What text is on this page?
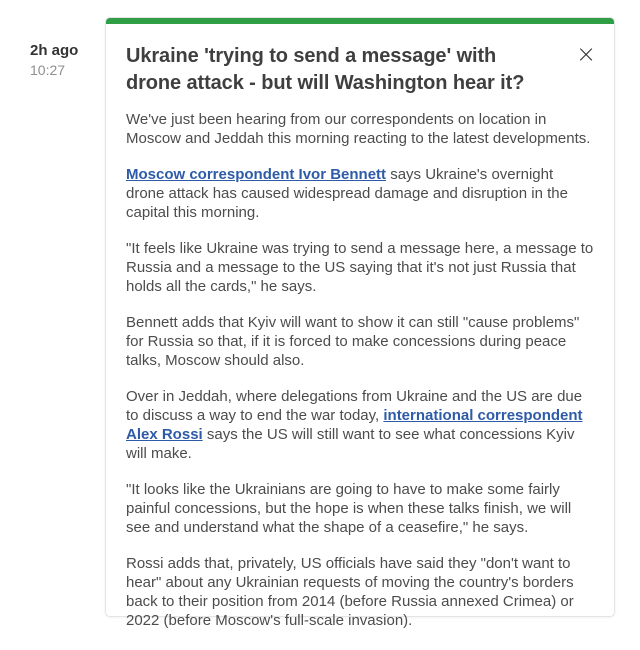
2h ago
10:27
×
Ukraine 'trying to send a message' with drone attack - but will Washington hear it?

We've just been hearing from our correspondents on location in Moscow and Jeddah this morning reacting to the latest developments.

Moscow correspondent Ivor Bennett says Ukraine's overnight drone attack has caused widespread damage and disruption in the capital this morning.

"It feels like Ukraine was trying to send a message here, a message to Russia and a message to the US saying that it's not just Russia that holds all the cards," he says.

Bennett adds that Kyiv will want to show it can still "cause problems" for Russia so that, if it is forced to make concessions during peace talks, Moscow should also.

Over in Jeddah, where delegations from Ukraine and the US are due to discuss a way to end the war today, international correspondent Alex Rossi says the US will still want to see what concessions Kyiv will make.

"It looks like the Ukrainians are going to have to make some fairly painful concessions, but the hope is when these talks finish, we will see and understand what the shape of a ceasefire," he says.

Rossi adds that, privately, US officials have said they "don't want to hear" about any Ukrainian requests of moving the country's borders back to their position from 2014 (before Russia annexed Crimea) or 2022 (before Moscow's full-scale invasion).
